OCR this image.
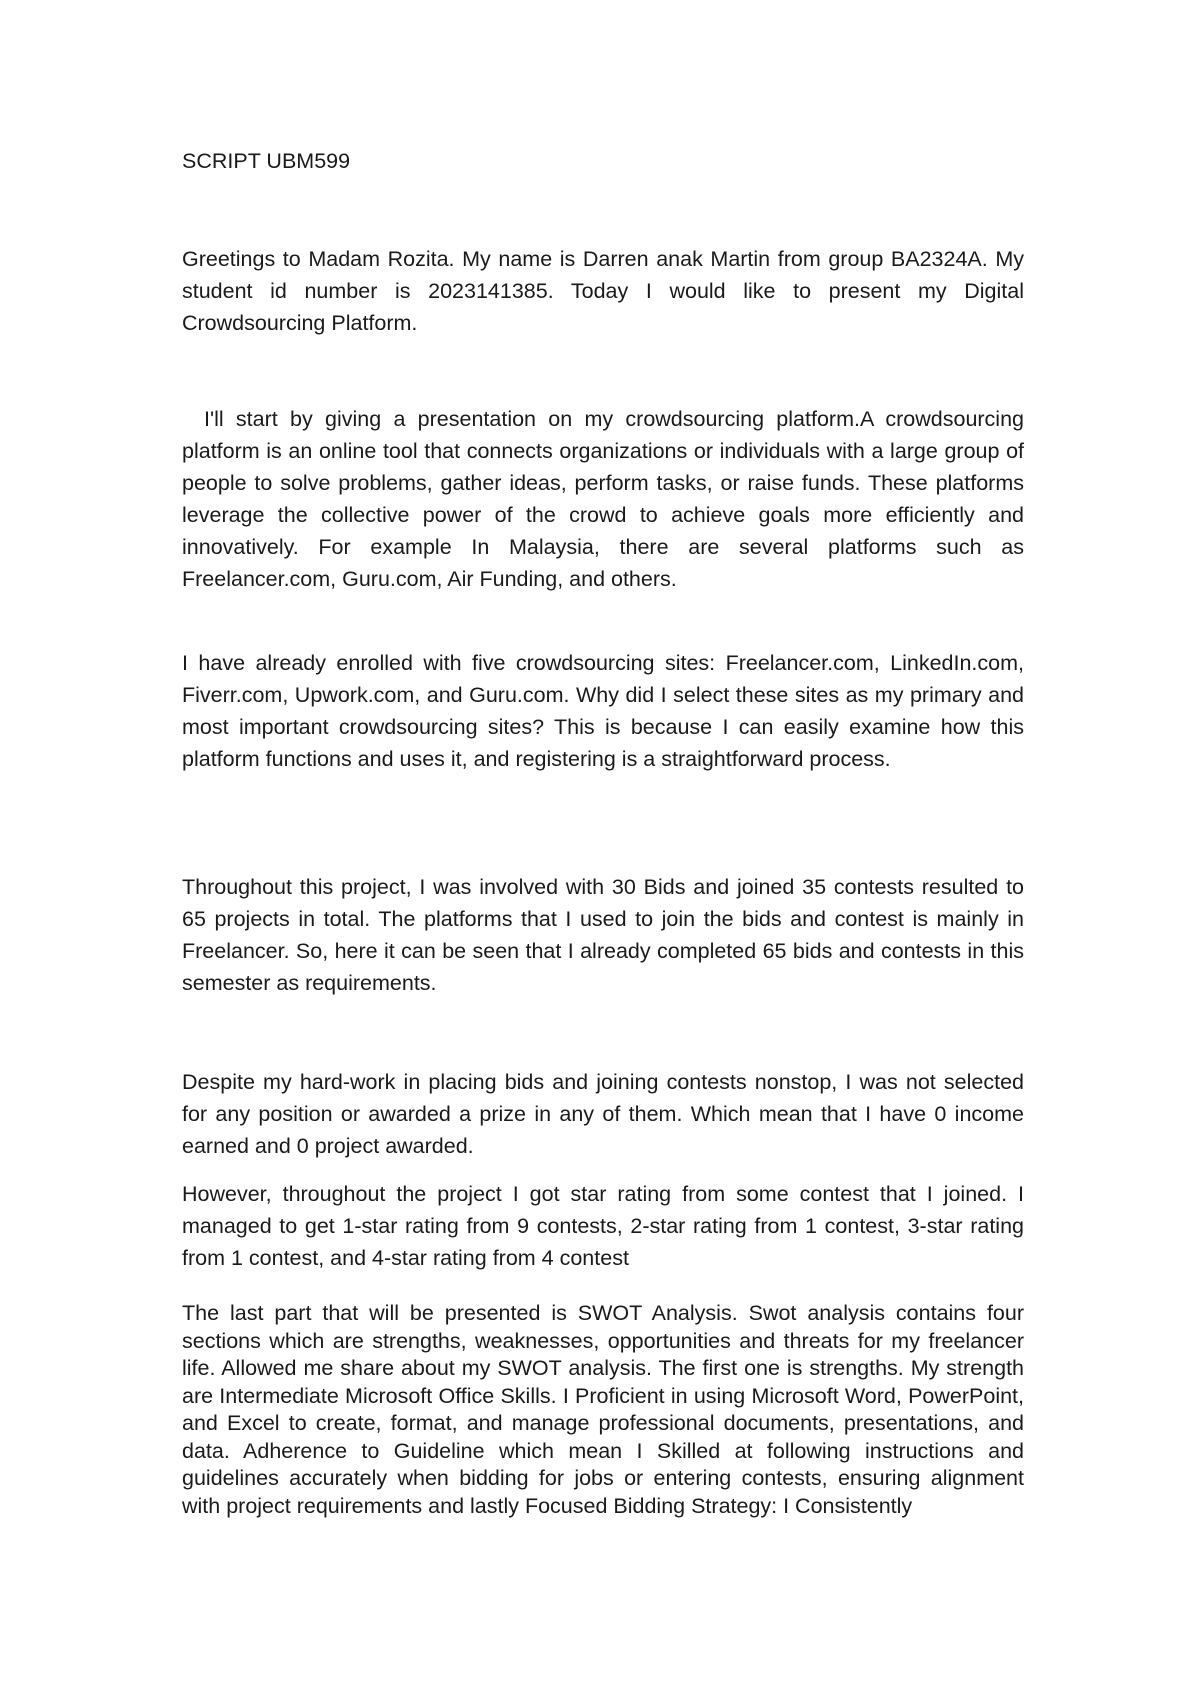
SCRIPT UBM599

Greetings to Madam Rozita. My name is Darren anak Martin from group BA2324A. My student id number is 2023141385. Today I would like to present my Digital Crowdsourcing Platform.

I'll start by giving a presentation on my crowdsourcing platform.A crowdsourcing platform is an online tool that connects organizations or individuals with a large group of people to solve problems, gather ideas, perform tasks, or raise funds. These platforms leverage the collective power of the crowd to achieve goals more efficiently and innovatively. For example In Malaysia, there are several platforms such as Freelancer.com, Guru.com, Air Funding, and others.

I have already enrolled with five crowdsourcing sites: Freelancer.com, LinkedIn.com, Fiverr.com, Upwork.com, and Guru.com. Why did I select these sites as my primary and most important crowdsourcing sites? This is because I can easily examine how this platform functions and uses it, and registering is a straightforward process.

Throughout this project, I was involved with 30 Bids and joined 35 contests resulted to 65 projects in total. The platforms that I used to join the bids and contest is mainly in Freelancer. So, here it can be seen that I already completed 65 bids and contests in this semester as requirements.

Despite my hard-work in placing bids and joining contests nonstop, I was not selected for any position or awarded a prize in any of them. Which mean that I have 0 income earned and 0 project awarded.

However, throughout the project I got star rating from some contest that I joined. I managed to get 1-star rating from 9 contests, 2-star rating from 1 contest, 3-star rating from 1 contest, and 4-star rating from 4 contest

The last part that will be presented is SWOT Analysis. Swot analysis contains four sections which are strengths, weaknesses, opportunities and threats for my freelancer life. Allowed me share about my SWOT analysis. The first one is strengths. My strength are Intermediate Microsoft Office Skills. I Proficient in using Microsoft Word, PowerPoint, and Excel to create, format, and manage professional documents, presentations, and data. Adherence to Guideline which mean I Skilled at following instructions and guidelines accurately when bidding for jobs or entering contests, ensuring alignment with project requirements and lastly Focused Bidding Strategy: I Consistently
